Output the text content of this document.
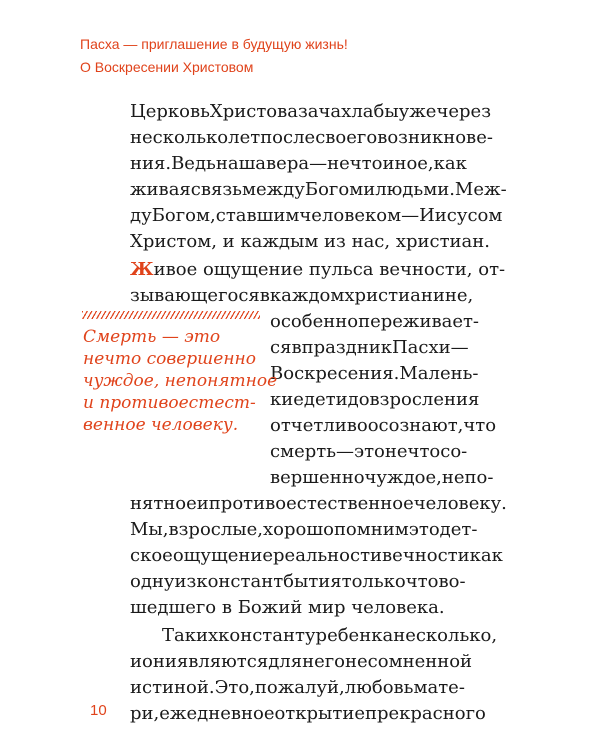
Пасха — приглашение в будущую жизнь!
О Воскресении Христовом
Церковь Христова зачахла бы уже через
несколько лет после своего возникнове-
ния. Ведь наша вера — не что иное, как
живая связь между Богом и людьми. Меж-
ду Богом, ставшим человеком — Иисусом
Христом, и каждым из нас, христиан.
Ж ивое ощущение пульса вечности, от-
зывающегося в каждом христианине,
особенно переживает-
ся в праздник Пасхи —
Воскресения. Малень-
кие дети до взросления
отчетливо осознают, что
смерть — это нечто со-
вершенно чуждое, непо-
нятное и противоестественное человеку.
Мы, взрослые, хорошо помним это дет-
ское ощущение реальности вечности как
одну из констант бытия только что во-
шедшего в Божий мир человека.
Таких констант у ребенка несколько,
и они являются для него несомненной
истиной. Это, пожалуй, любовь мате-
ри, ежедневное открытие прекрасного
Смерть — это
нечто совершенно
чуждое, непонятное
и противоестест-
венное человеку.
10
